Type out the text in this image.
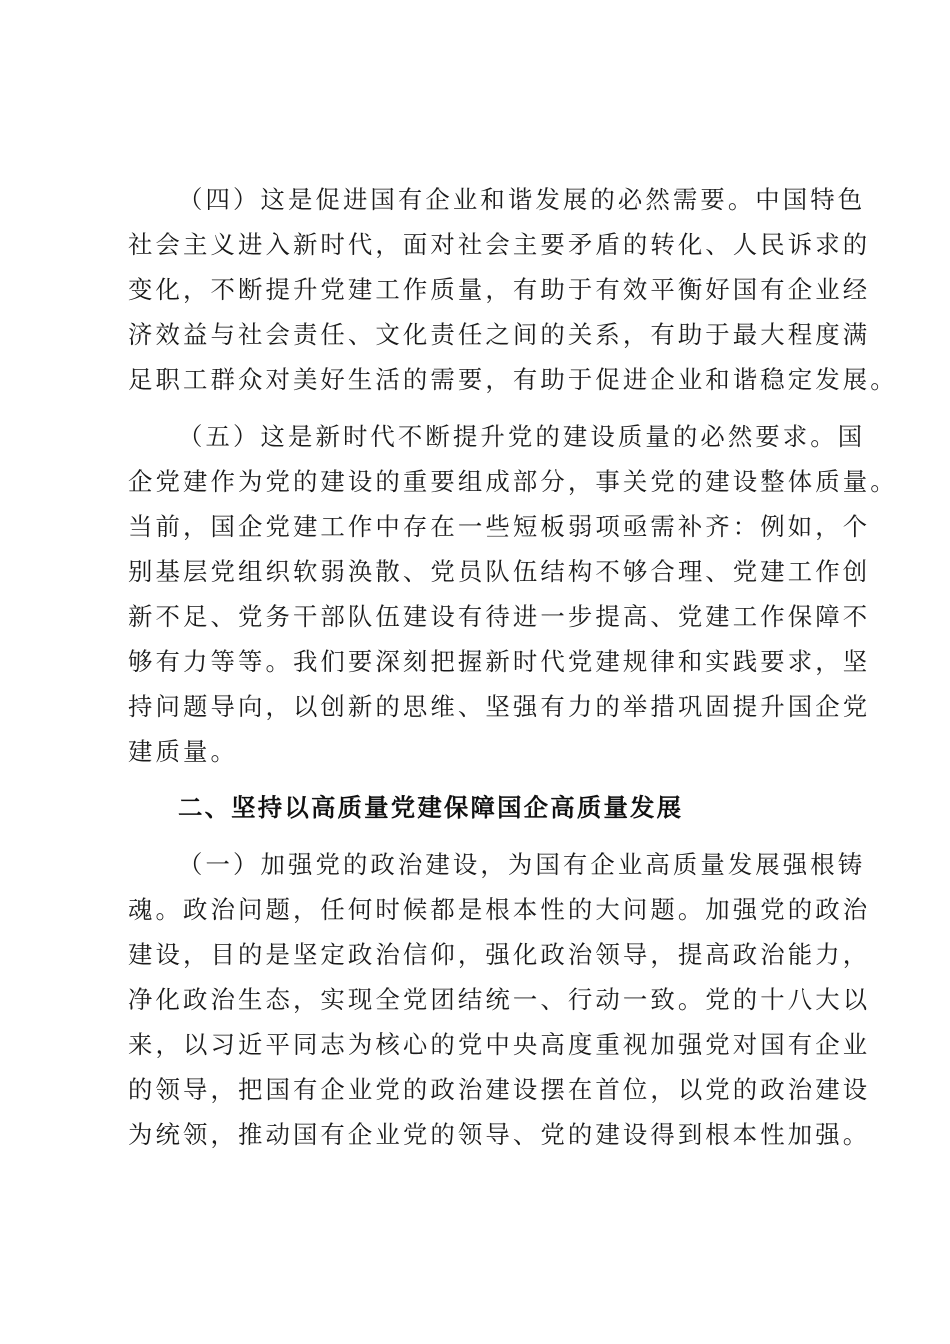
（四）这是促进国有企业和谐发展的必然需要。中国特色
社会主义进入新时代，面对社会主要矛盾的转化、人民诉求的
变化，不断提升党建工作质量，有助于有效平衡好国有企业经
济效益与社会责任、文化责任之间的关系，有助于最大程度满
足职工群众对美好生活的需要，有助于促进企业和谐稳定发展。
（五）这是新时代不断提升党的建设质量的必然要求。国
企党建作为党的建设的重要组成部分，事关党的建设整体质量。
当前，国企党建工作中存在一些短板弱项亟需补齐：例如，个
别基层党组织软弱涣散、党员队伍结构不够合理、党建工作创
新不足、党务干部队伍建设有待进一步提高、党建工作保障不
够有力等等。我们要深刻把握新时代党建规律和实践要求，坚
持问题导向，以创新的思维、坚强有力的举措巩固提升国企党
建质量。
二、坚持以高质量党建保障国企高质量发展
（一）加强党的政治建设，为国有企业高质量发展强根铸
魂。政治问题，任何时候都是根本性的大问题。加强党的政治
建设，目的是坚定政治信仰，强化政治领导，提高政治能力，
净化政治生态，实现全党团结统一、行动一致。党的十八大以
来，以习近平同志为核心的党中央高度重视加强党对国有企业
的领导，把国有企业党的政治建设摆在首位，以党的政治建设
为统领，推动国有企业党的领导、党的建设得到根本性加强。
